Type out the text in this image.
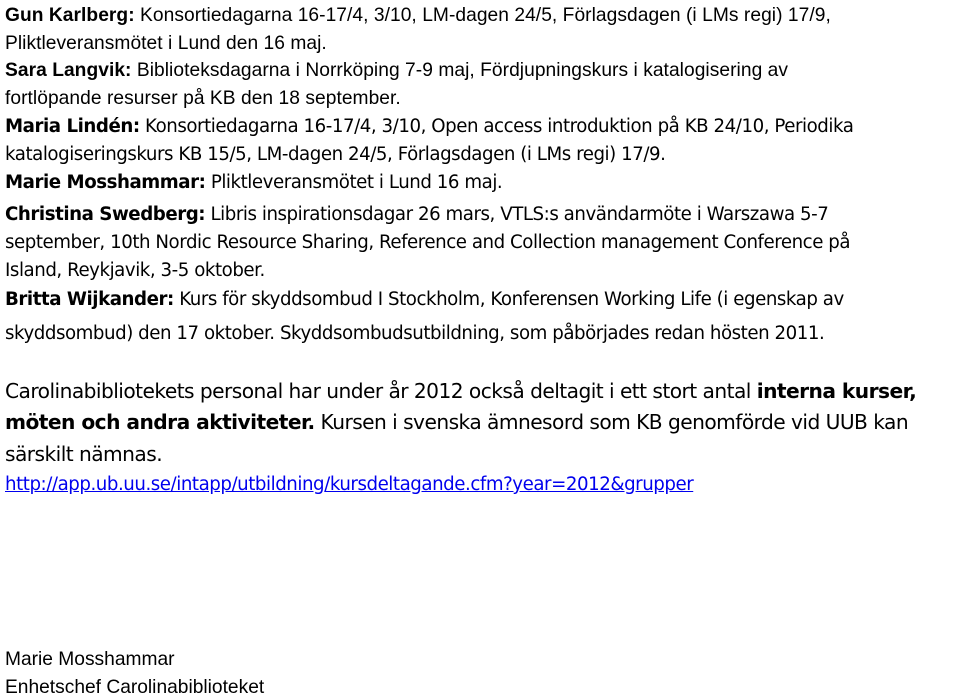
Gun Karlberg: Konsortiedagarna 16-17/4, 3/10, LM-dagen 24/5, Förlagsdagen (i LMs regi) 17/9,
Pliktleveransmötet i Lund den 16 maj.
Sara Langvik: Biblioteksdagarna i Norrköping 7-9 maj, Fördjupningskurs i katalogisering av
fortlöpande resurser på KB den 18 september.
Maria Lindén: Konsortiedagarna 16-17/4, 3/10, Open access introduktion på KB 24/10, Periodika
katalogiseringskurs KB 15/5, LM-dagen 24/5, Förlagsdagen (i LMs regi) 17/9.
Marie Mosshammar: Pliktleveransmötet i Lund 16 maj.
Christina Swedberg: Libris inspirationsdagar 26 mars, VTLS:s användarmöte i Warszawa 5-7
september, 10th Nordic Resource Sharing, Reference and Collection management Conference på
Island, Reykjavik, 3-5 oktober.
Britta Wijkander: Kurs för skyddsombud I Stockholm, Konferensen Working Life (i egenskap av
skyddsombud) den 17 oktober. Skyddsombudsutbildning, som påbörjades redan hösten 2011.
Carolinabibliotekets personal har under år 2012 också deltagit i ett stort antal interna kurser,
möten och andra aktiviteter. Kursen i svenska ämnesord som KB genomförde vid UUB kan
särskilt nämnas.
http://app.ub.uu.se/intapp/utbildning/kursdeltagande.cfm?year=2012&grupper
Marie Mosshammar
Enhetschef Carolinabiblioteket
